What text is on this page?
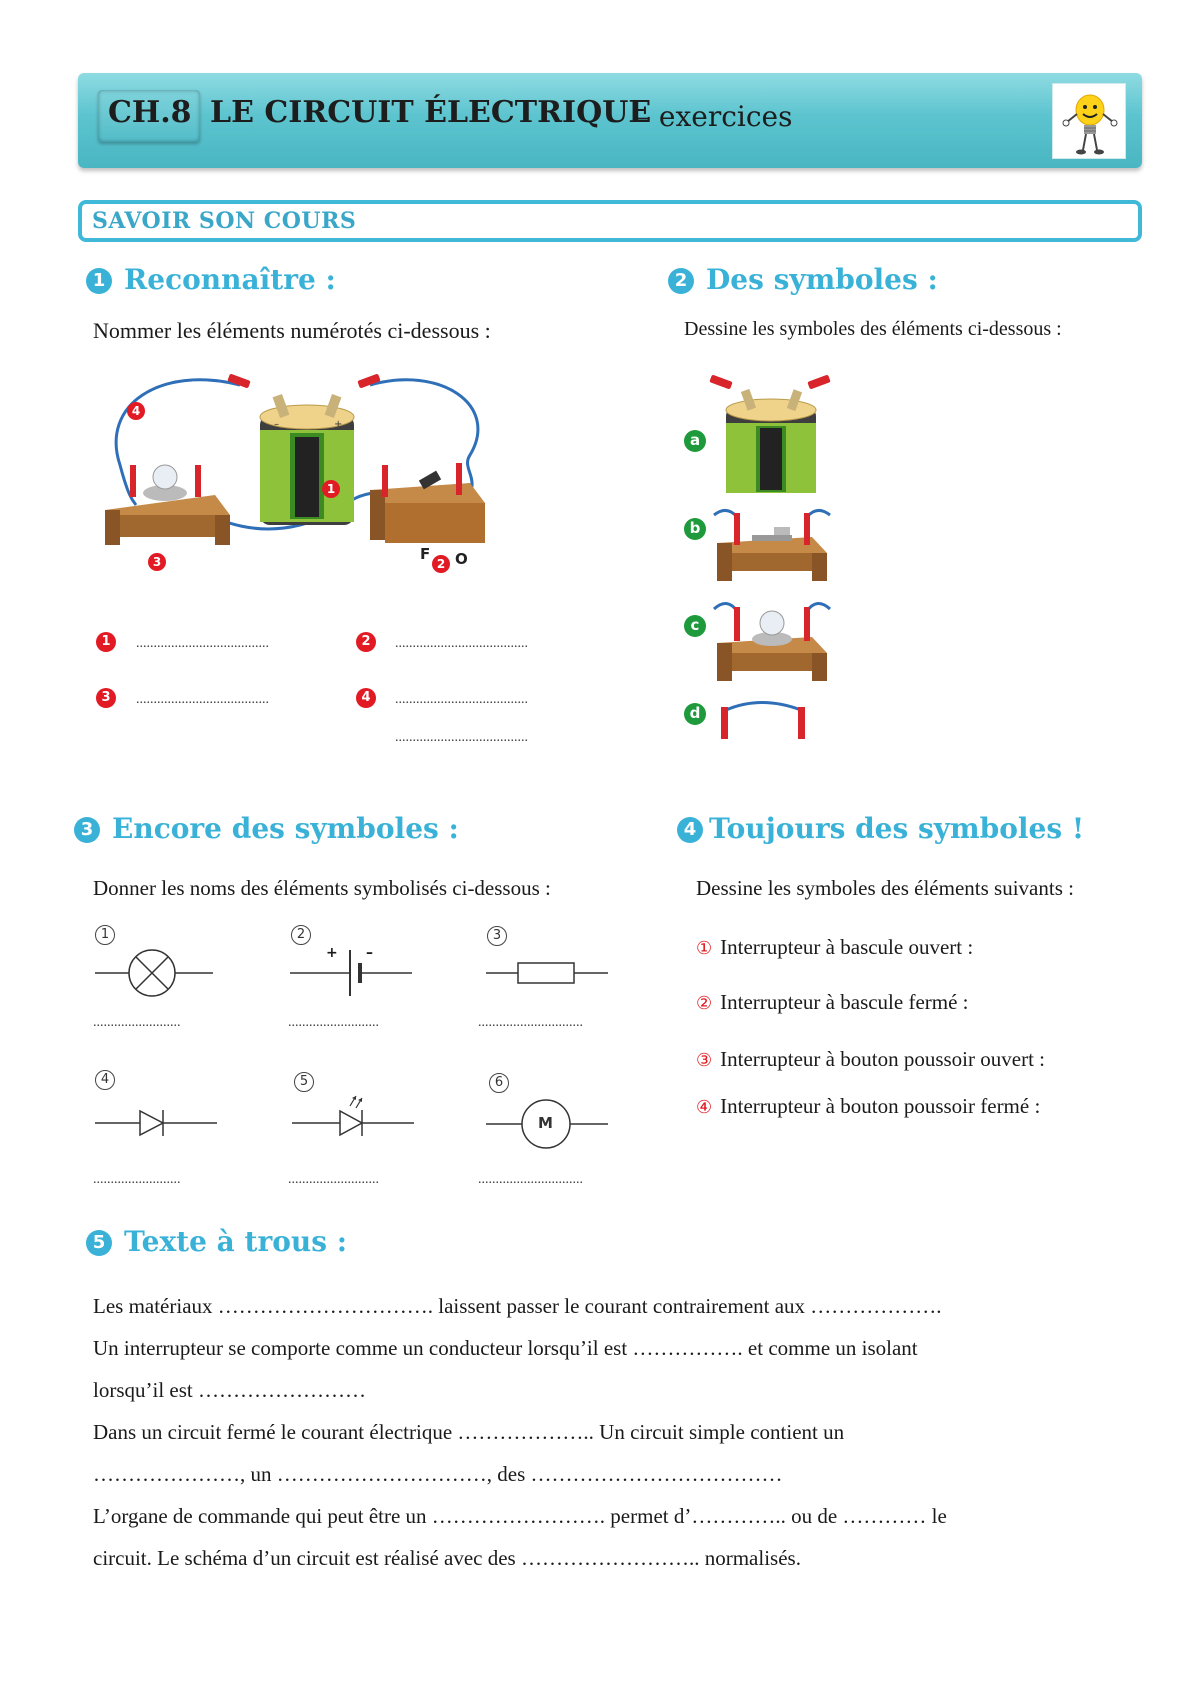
CH.8 LE CIRCUIT ÉLECTRIQUE
– exercices
SAVOIR SON COURS
1 Reconnaître :
Nommer les éléments numérotés ci-dessous :
–	+
1
2
3
4
F O
1	......................................	2	......................................
3	......................................	4	......................................
......................................
2 Des symboles :
Dessine les symboles des éléments ci-dessous :
a
b
c
d
3 Encore des symboles :
Donner les noms des éléments symbolisés ci-dessous :
1
.........................
2
+ –
..........................
3
..............................
4
.........................
5
..........................
6
M
..............................
4 Toujours des symboles !
Dessine les symboles des éléments suivants :
① Interrupteur à bascule ouvert :
② Interrupteur à bascule fermé :
③ Interrupteur à bouton poussoir ouvert :
④ Interrupteur à bouton poussoir fermé :
5 Texte à trous :
Les matériaux …………………………. laissent passer le courant contrairement aux ……………….
Un interrupteur se comporte comme un conducteur lorsqu’il est ……………. et comme un isolant
lorsqu’il est ……………………
Dans un circuit fermé le courant électrique ……………….. Un circuit simple contient un
…………………, un …………………………, des ………………………………
L’organe de commande qui peut être un ……………………. permet d’………….. ou de ………… le
circuit. Le schéma d’un circuit est réalisé avec des …………………….. normalisés.
